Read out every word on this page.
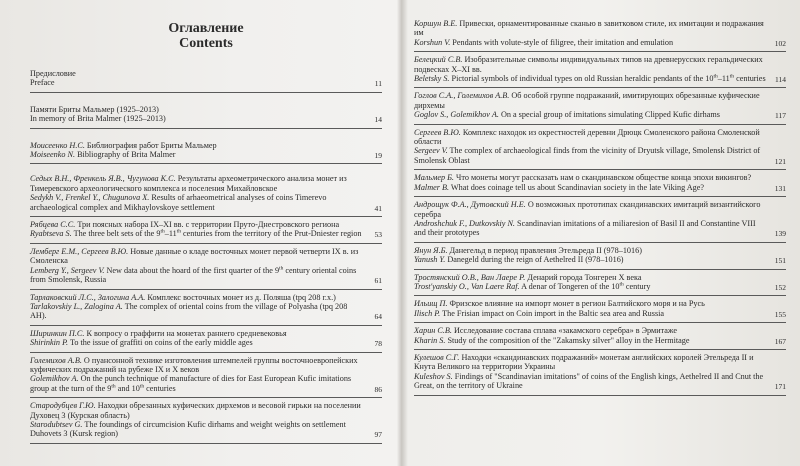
Оглавление
Contents
Предисловие
Preface	11
Памяти Бриты Мальмер (1925–2013)
In memory of Brita Malmer (1925–2013)	14
Моисеенко Н.С. Библиография работ Бриты Мальмер
Moiseenko N. Bibliography of Brita Malmer	19
Седых В.Н., Френкель Я.В., Чугунова К.С. Результаты археометрического анализа монет из Тимеревского археологического комплекса и поселения Михайловское
Sedykh V., Frenkel Y., Chugunova X. Results of arhaeometrical analyses of coins Timerevo archaeological complex and Mikhaylovskoye settlement	41
Рябцева С.С. Три поясных набора IX–XI вв. с территории Пруто-Днестровского региона
Ryabtseva S. The three belt sets of the 9th–11th centuries from the territory of the Prut-Dniester region	53
Лемберг Е.М., Сергеев В.Ю. Новые данные о кладе восточных монет первой четверти IX в. из Смоленска
Lemberg Y., Sergeev V. New data about the hoard of the first quarter of the 9th century oriental coins from Smolensk, Russia	61
Тарлаковский Л.С., Залогина А.А. Комплекс восточных монет из д. Поляша (tpq 208 г.х.)
Tarlakovskiy L., Zalogina A. The complex of oriental coins from the village of Polyasha (tpq 208 AH).	64
Ширинкин П.С. К вопросу о граффити на монетах раннего средневековья
Shirinkin P. To the issue of graffiti on coins of the early middle ages	78
Големихов А.В. О пуансонной технике изготовления штемпелей группы восточноевропейских куфических подражаний на рубеже IX и X веков
Golemikhov A. On the punch technique of manufacture of dies for East European Kufic imitations group at the turn of the 9th and 10th centuries	86
Стародубцев Г.Ю. Находки обрезанных куфических дирхемов и весовой гирьки на поселении Духовец 3 (Курская область)
Starodubtsev G. The foundings of circumcision Kufic dirhams and weight weights on settlement Duhovets 3 (Kursk region)	97
Коршун В.Е. Привески, орнаментированные сканью в завитковом стиле, их имитации и подражания им
Korshun V. Pendants with volute-style of filigree, their imitation and emulation	102
Белецкий С.В. Изобразительные символы индивидуальных типов на древнерусских геральдических подвесках X–XI вв.
Beletsky S. Pictorial symbols of individual types on old Russian heraldic pendants of the 10th–11th centuries	114
Гоглов С.А., Големихов А.В. Об особой группе подражаний, имитирующих обрезанные куфические дирхемы
Goglov S., Golemikhov A. On a special group of imitations simulating Clipped Kufic dirhams	117
Сергеев В.Ю. Комплекс находок из окрестностей деревни Дрюцк Смоленского района Смоленской области
Sergeev V. The complex of archaeological finds from the vicinity of Dryutsk village, Smolensk District of Smolensk Oblast	121
Мальмер Б. Что монеты могут рассказать нам о скандинавском обществе конца эпохи викингов?
Malmer B. What does coinage tell us about Scandinavian society in the late Viking Age?	131
Андрощук Ф.А., Дутовский Н.Е. О возможных прототипах скандинавских имитаций византийского серебра
Androshchuk F., Dutkovskiy N. Scandinavian imitations of a miliaresion of Basil II and Constantine VIII and their prototypes	139
Янун Я.Б. Данегельд в период правления Этельреда II (978–1016)
Yanush Y. Danegeld during the reign of Aethelred II (978–1016)	151
Тростянский О.В., Ван Лаере Р. Денарий города Тонгерен X века
Trost'yanskiy O., Van Laere Raf. A denar of Tongeren of the 10th century	152
Ильищ П. Фризское влияние на импорт монет в регион Балтийского моря и на Русь
Ilisch P. The Frisian impact on Coin import in the Baltic sea area and Russia	155
Харин С.В. Исследование состава сплава «закамского серебра» в Эрмитаже
Kharin S. Study of the composition of the "Zakamsky silver" alloy in the Hermitage	167
Кулешов С.Г. Находки «скандинавских подражаний» монетам английских королей Этельреда II и Кнута Великого на территории Украины
Kuleshov S. Findings of "Scandinavian imitations" of coins of the English kings, Aethelred II and Cnut the Great, on the territory of Ukraine	171
